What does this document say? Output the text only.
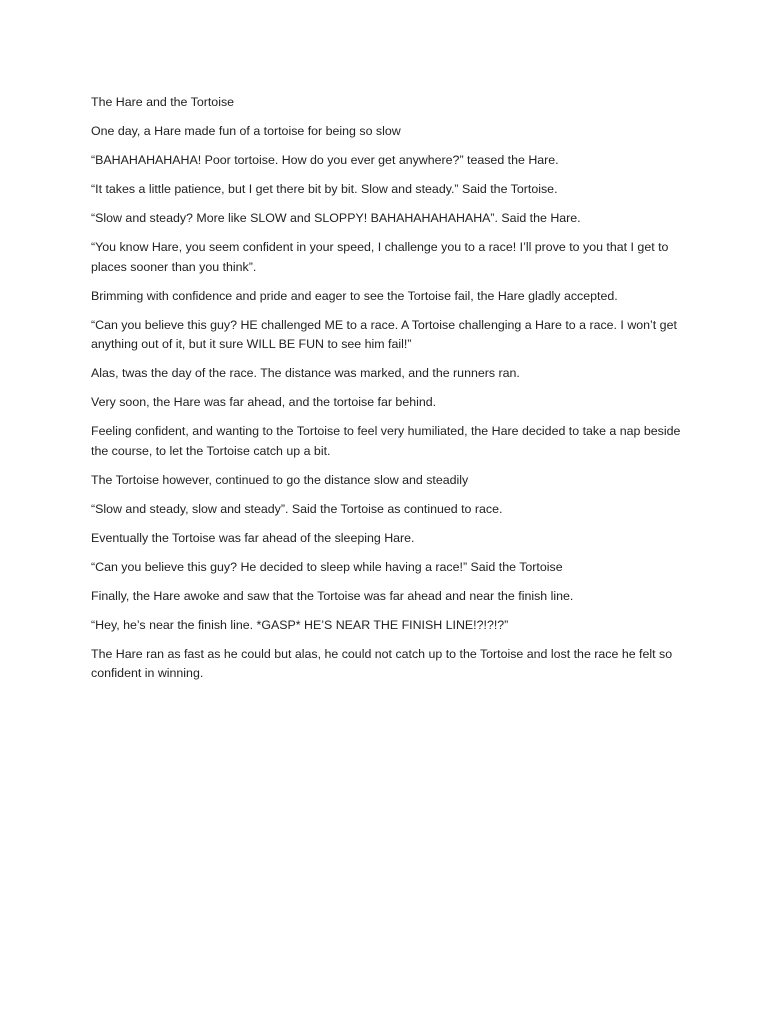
The Hare and the Tortoise

One day, a Hare made fun of a tortoise for being so slow

“BAHAHAHAHAHA! Poor tortoise. How do you ever get anywhere?” teased the Hare.

“It takes a little patience, but I get there bit by bit. Slow and steady.” Said the Tortoise.

“Slow and steady? More like SLOW and SLOPPY! BAHAHAHAHAHAHA”. Said the Hare.

“You know Hare, you seem confident in your speed, I challenge you to a race! I’ll prove to you that I get to places sooner than you think”.

Brimming with confidence and pride and eager to see the Tortoise fail, the Hare gladly accepted.

“Can you believe this guy? HE challenged ME to a race. A Tortoise challenging a Hare to a race. I won’t get anything out of it, but it sure WILL BE FUN to see him fail!”

Alas, twas the day of the race. The distance was marked, and the runners ran.

Very soon, the Hare was far ahead, and the tortoise far behind.

Feeling confident, and wanting to the Tortoise to feel very humiliated, the Hare decided to take a nap beside the course, to let the Tortoise catch up a bit.

The Tortoise however, continued to go the distance slow and steadily

“Slow and steady, slow and steady”. Said the Tortoise as continued to race.

Eventually the Tortoise was far ahead of the sleeping Hare.

“Can you believe this guy? He decided to sleep while having a race!” Said the Tortoise

Finally, the Hare awoke and saw that the Tortoise was far ahead and near the finish line.

“Hey, he’s near the finish line. *GASP* HE’S NEAR THE FINISH LINE!?!?!?”

The Hare ran as fast as he could but alas, he could not catch up to the Tortoise and lost the race he felt so confident in winning.
